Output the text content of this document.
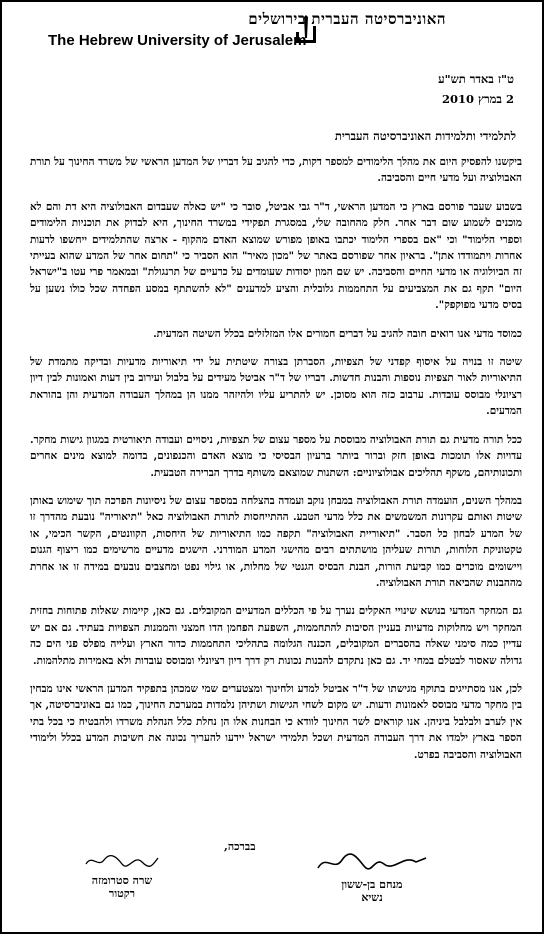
האוניברסיטה העברית בירושלים
The Hebrew University of Jerusalem
ט"ז באדר תש"ע
2 במרץ 2010
לתלמידי ותלמידות האוניברסיטה העברית

ביקשנו להפסיק היום את מהלך הלימודים למספר דקות, כדי להגיב על דבריו של המדען הראשי של משרד החינוך על תורת האבולוציה ועל מדעי חיים והסביבה.

בשבוע שעבר פורסם בארץ כי המדען הראשי, ד"ר גבי אביטל, סובר כי "יש כאלה שעבדום האבולוציה היא דת והם לא מוכנים לשמוע שום דבר אחר. חלק מהחובה שלי, במסגרת תפקידי במשרד החינוך, היא לבדוק את תוכניות הלימודים וספרי הלימוד" וכי "אם בספרי הלימוד יכתבו באופן מפורש שמוצא האדם מהקוף - ארצה שהתלמידים ייחשפו לדעות אחרות ויתמודדו אתן". בראיון אחר שפורסם באתר של "מכון מאיר" הוא הסביר כי "תחום אחר של המדע שהוא בעייתי זה הביולוגיה או מדעי החיים והסביבה. יש שם המון יסודות שעומדים על כרעיים של תרנגולת" ובמאמר פרי עטו ב"ישראל היום" תקף גם את המצביעים על התחממות גלובלית והציע למדענים "לא להשתתף במסע הפחדה שכל כולו נשען על בסיס מדעי מפוקפק".

כמוסד מדעי אנו רואים חובה להגיב על דברים חמורים אלו המזלזלים בכלל השיטה המדעית.

שיטה זו בנויה על איסוף קפדני של תצפיות, הסברתן בצורה שיטתית על ידי תיאוריות מדעיות ובדיקה מתמדת של התיאוריות לאור תצפיות נוספות והבנות חדשות. דבריו של ד"ר אביטל מעידים על בלבול ועירוב בין דעות ואמונות לבין דיון רציונלי מבוסס עובדות. ערבוב כזה הוא מסוכן. יש להתריע עליו ולהיזהר ממנו הן במהלך העבודה המדעית והן בהוראת המדעים.

ככל תורה מדעית גם תורת האבולוציה מבוססת על מספר עצום של תצפיות, ניסויים ועבודה תיאורטית במגוון גישות מחקר. עדויות אלו תומכות באופן חזק וברור ביותר ברעיון הבסיסי כי מוצא האדם והכנפונים, בדומה למוצא מינים אחרים ותכונותיהם, משקף תהליכים אבולוציוניים: השתנות שמוצאם משותף בדרך הברירה הטבעית.

במהלך השנים, הועמדה תורת האבולוציה במבחן נוקב ועמדה בהצלחה במספר עצום של ניסיונות הפרכה תוך שימוש באותן שיטות ואותם עקרונות המשמשים את כלל מדעי הטבע. ההתייחסות לתורת האבולוציה כאל "תיאוריה" נובעת מהדרך זו של המדע לבחון כל הסבר. "תיאוריית האבולוציה" תקפה כמו התיאוריות של היחסות, הקוונטים, הקשר הכימי, או טקטוניקת הלוחות, תורות שעליהן מושתתים רבים מהישגי המדע המודרני. הישגים מדעיים מרשימים כמו ריצוף הגנום ויישומים מוכרים כמו קביעת הורות, הבנת הבסיס הגנטי של מחלות, או גילוי נפט ומחצבים נובעים במידה זו או אחרת מההבנות שהביאה תורת האבולוציה.

גם המחקר המדעי בנושא שינויי האקלים נערך על פי הכללים המדעיים המקובלים. גם כאן, קיימות שאלות פתוחות בחזית המחקר ויש מחלוקות מדעיות בעניין הסיבות להתחממות, השפעת הפחמן הדו חמצני והממנות הצפויות בעתיד. גם אם יש עדיין כמה סימני שאלה בהסברים המקובלים, הכננה הגלומה בתהליכי התחממות כדור הארץ ועלייה מפלס פני הים כה גדולה שאסור לבטלם במחי יד. גם כאן נתקדם להבנות נכונות רק דרך דיון רציונלי ומבוסס עובדות ולא באמירות מתלהמות.

לכן, אנו מסתייגים בתוקף מגישתו של ד"ר אביטל למדע ולחינוך ומצטערים שמי שמכהן בתפקיד המדען הראשי אינו מבחין בין מחקר מדעי מבוסס לאמונות ודעות. יש מקום לשחי הגישות ושתיהן נלמדות במערכת החינוך, כמו גם באוניברסיטה, אך אין לערב ולבלבל ביניהן. אנו קוראים לשר החינוך לוודא כי הבחנות אלו הן נחלת כלל הנהלת משרדו ולהבטיח כי בכל בתי הספר בארץ ילמדו את דרך העבודה המדעית ושכל תלמידי ישראל יידעו להעריך נכונה את חשיבות המדע בכלל ולימודי האבולוציה והסביבה בפרט.

בברכה,
שרה סטרומזה
רקטור
מנחם בן-ששון
נשיא
